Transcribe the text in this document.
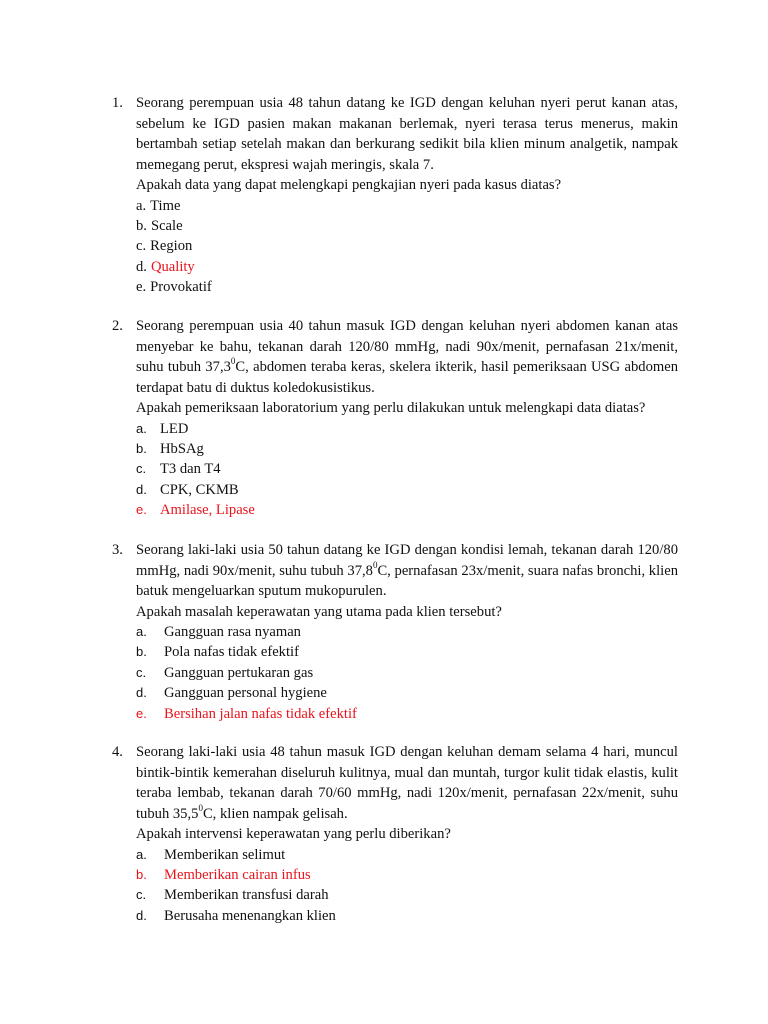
1. Seorang perempuan usia 48 tahun datang ke IGD dengan keluhan nyeri perut kanan atas, sebelum ke IGD pasien makan makanan berlemak, nyeri terasa terus menerus, makin bertambah setiap setelah makan dan berkurang sedikit bila klien minum analgetik, nampak memegang perut, ekspresi wajah meringis, skala 7.

Apakah data yang dapat melengkapi pengkajian nyeri pada kasus diatas?

a. Time
b. Scale
c. Region
d. Quality
e. Provokatif
2. Seorang perempuan usia 40 tahun masuk IGD dengan keluhan nyeri abdomen kanan atas menyebar ke bahu, tekanan darah 120/80 mmHg, nadi 90x/menit, pernafasan 21x/menit, suhu tubuh 37,3$^0$C, abdomen teraba keras, skelera ikterik, hasil pemeriksaan USG abdomen terdapat batu di duktus koledokusistikus.

Apakah pemeriksaan laboratorium yang perlu dilakukan untuk melengkapi data diatas?

a. LED
b. HbSAg
c. T3 dan T4
d. CPK, CKMB
e. Amilase, Lipase
3. Seorang laki-laki usia 50 tahun datang ke IGD dengan kondisi lemah, tekanan darah 120/80 mmHg, nadi 90x/menit, suhu tubuh 37,8$^0$C, pernafasan 23x/menit, suara nafas bronchi, klien batuk mengeluarkan sputum mukopurulen.

Apakah masalah keperawatan yang utama pada klien tersebut?

a. Gangguan rasa nyaman
b. Pola nafas tidak efektif
c. Gangguan pertukaran gas
d. Gangguan personal hygiene
e. Bersihan jalan nafas tidak efektif
4. Seorang laki-laki usia 48 tahun masuk IGD dengan keluhan demam selama 4 hari, muncul bintik-bintik kemerahan diseluruh kulitnya, mual dan muntah, turgor kulit tidak elastis, kulit teraba lembab, tekanan darah 70/60 mmHg, nadi 120x/menit, pernafasan 22x/menit, suhu tubuh 35,5$^0$C, klien nampak gelisah.

Apakah intervensi keperawatan yang perlu diberikan?

a. Memberikan selimut
b. Memberikan cairan infus
c. Memberikan transfusi darah
d. Berusaha menenangkan klien
